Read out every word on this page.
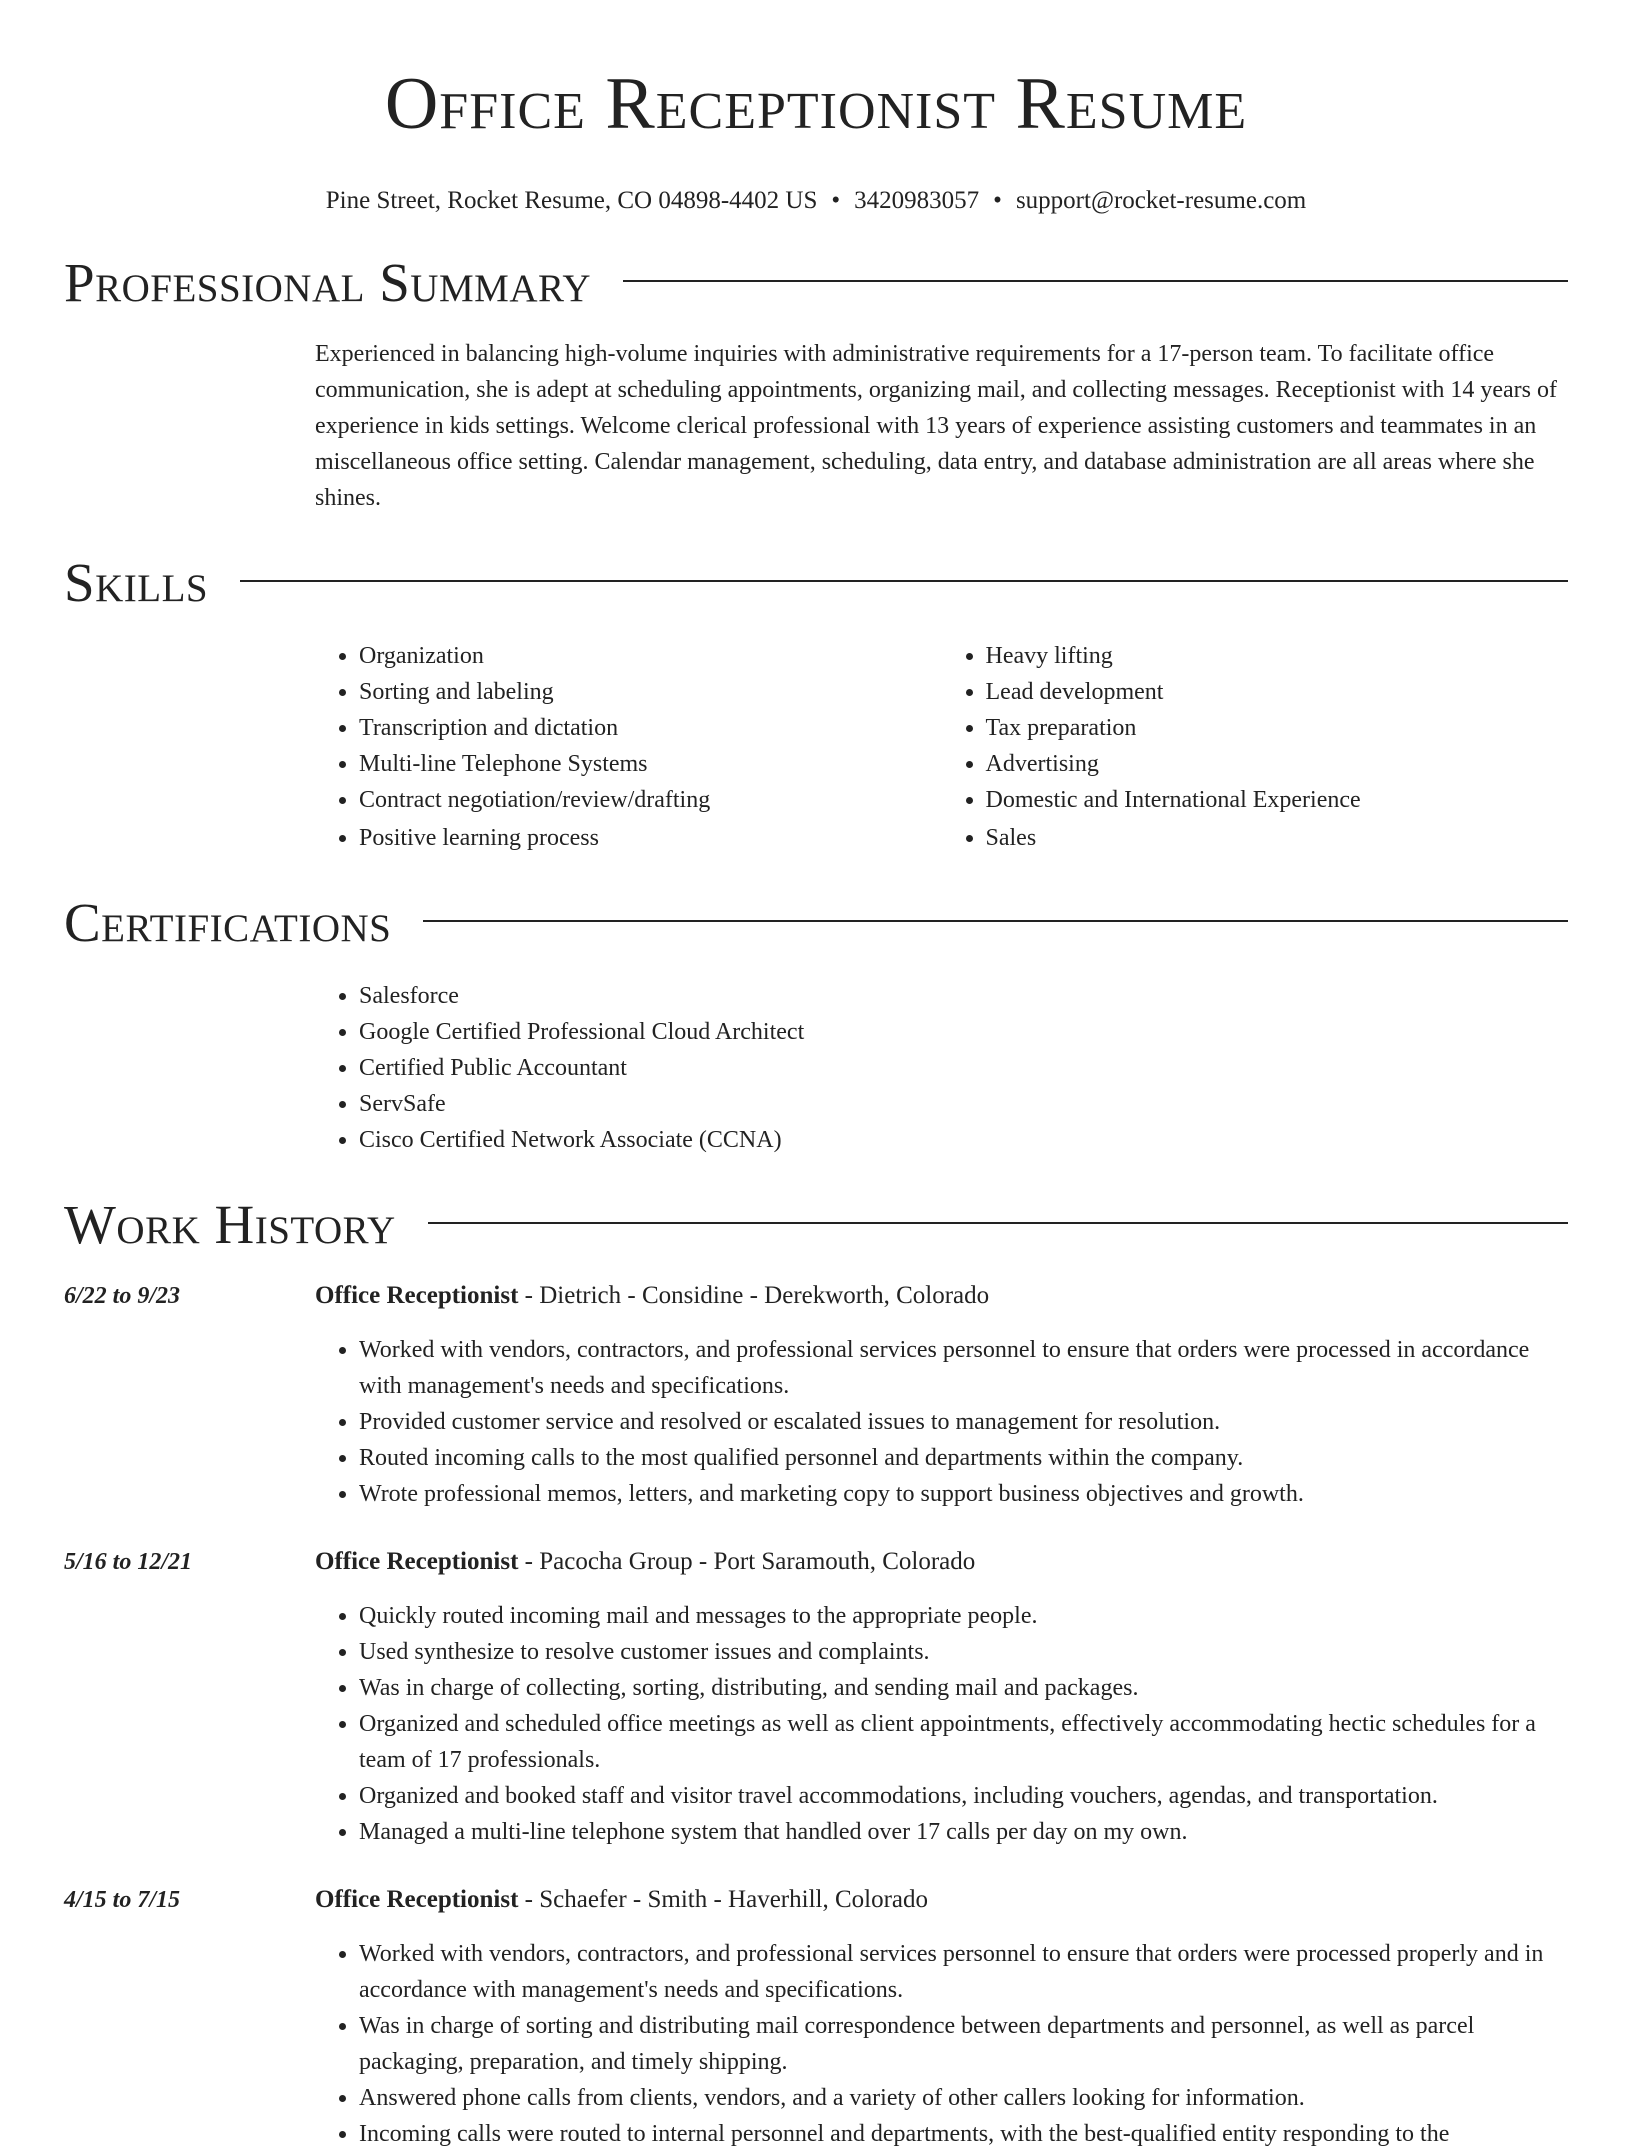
Office Receptionist Resume
Pine Street, Rocket Resume, CO 04898-4402 US • 3420983057 • support@rocket-resume.com
Professional Summary
Experienced in balancing high-volume inquiries with administrative requirements for a 17-person team. To facilitate office communication, she is adept at scheduling appointments, organizing mail, and collecting messages. Receptionist with 14 years of experience in kids settings. Welcome clerical professional with 13 years of experience assisting customers and teammates in an miscellaneous office setting. Calendar management, scheduling, data entry, and database administration are all areas where she shines.
Skills
• Organization
• Sorting and labeling
• Transcription and dictation
• Multi-line Telephone Systems
• Contract negotiation/review/drafting
• Positive learning process
• Heavy lifting
• Lead development
• Tax preparation
• Advertising
• Domestic and International Experience
• Sales
Certifications
• Salesforce
• Google Certified Professional Cloud Architect
• Certified Public Accountant
• ServSafe
• Cisco Certified Network Associate (CCNA)
Work History
6/22 to 9/23	Office Receptionist - Dietrich - Considine - Derekworth, Colorado
• Worked with vendors, contractors, and professional services personnel to ensure that orders were processed in accordance with management's needs and specifications.
• Provided customer service and resolved or escalated issues to management for resolution.
• Routed incoming calls to the most qualified personnel and departments within the company.
• Wrote professional memos, letters, and marketing copy to support business objectives and growth.
5/16 to 12/21	Office Receptionist - Pacocha Group - Port Saramouth, Colorado
• Quickly routed incoming mail and messages to the appropriate people.
• Used synthesize to resolve customer issues and complaints.
• Was in charge of collecting, sorting, distributing, and sending mail and packages.
• Organized and scheduled office meetings as well as client appointments, effectively accommodating hectic schedules for a team of 17 professionals.
• Organized and booked staff and visitor travel accommodations, including vouchers, agendas, and transportation.
• Managed a multi-line telephone system that handled over 17 calls per day on my own.
4/15 to 7/15	Office Receptionist - Schaefer - Smith - Haverhill, Colorado
• Worked with vendors, contractors, and professional services personnel to ensure that orders were processed properly and in accordance with management's needs and specifications.
• Was in charge of sorting and distributing mail correspondence between departments and personnel, as well as parcel packaging, preparation, and timely shipping.
• Answered phone calls from clients, vendors, and a variety of other callers looking for information.
• Incoming calls were routed to internal personnel and departments, with the best-qualified entity responding to the
